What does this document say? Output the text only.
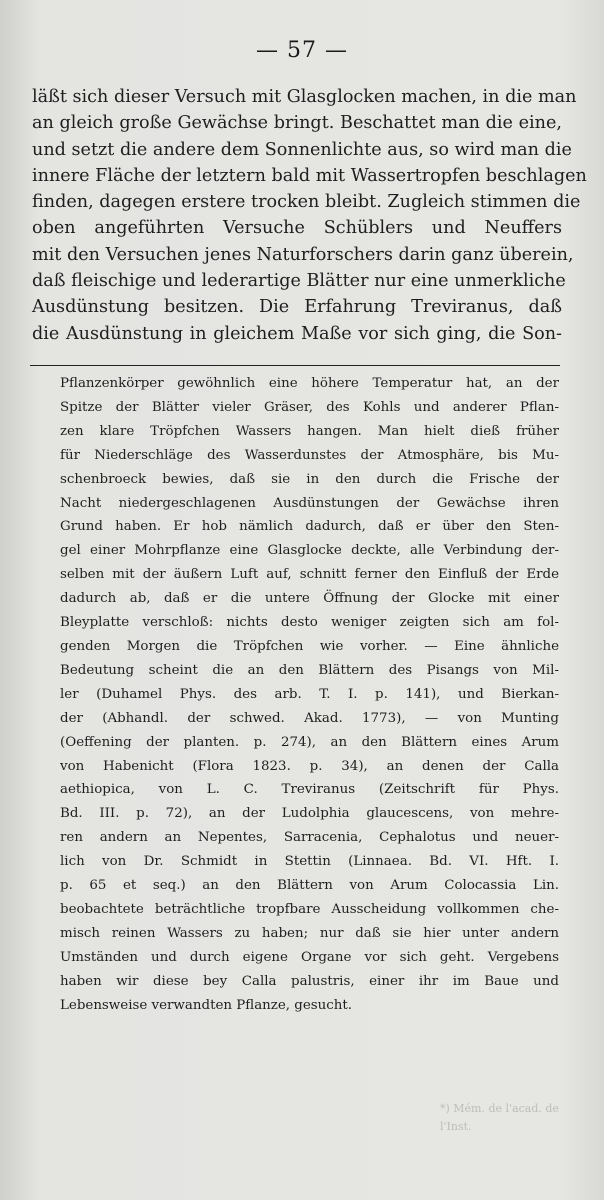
— 57 —
läßt sich dieser Versuch mit Glasglocken machen, in die man
an gleich große Gewächse bringt. Beschattet man die eine,
und setzt die andere dem Sonnenlichte aus, so wird man die
innere Fläche der letztern bald mit Wassertropfen beschlagen
finden, dagegen erstere trocken bleibt. Zugleich stimmen die
oben angeführten Versuche Schüblers und Neuffers
mit den Versuchen jenes Naturforschers darin ganz überein,
daß fleischige und lederartige Blätter nur eine unmerkliche
Ausdünstung besitzen. Die Erfahrung Treviranus, daß
die Ausdünstung in gleichem Maße vor sich ging, die Son-
Pflanzenkörper gewöhnlich eine höhere Temperatur hat, an der
Spitze der Blätter vieler Gräser, des Kohls und anderer Pflan-
zen klare Tröpfchen Wassers hangen. Man hielt dieß früher
für Niederschläge des Wasserdunstes der Atmosphäre, bis Mu-
schenbroeck bewies, daß sie in den durch die Frische der
Nacht niedergeschlagenen Ausdünstungen der Gewächse ihren
Grund haben. Er hob nämlich dadurch, daß er über den Sten-
gel einer Mohrpflanze eine Glasglocke deckte, alle Verbindung der-
selben mit der äußern Luft auf, schnitt ferner den Einfluß der Erde
dadurch ab, daß er die untere Öffnung der Glocke mit einer
Bleyplatte verschloß: nichts desto weniger zeigten sich am fol-
genden Morgen die Tröpfchen wie vorher. — Eine ähnliche
Bedeutung scheint die an den Blättern des Pisangs von Mil-
ler (Duhamel Phys. des arb. T. I. p. 141), und Bierkan-
der (Abhandl. der schwed. Akad. 1773), — von Munting
(Oeffening der planten. p. 274), an den Blättern eines Arum
von Habenicht (Flora 1823. p. 34), an denen der Calla
aethiopica, von L. C. Treviranus (Zeitschrift für Phys.
Bd. III. p. 72), an der Ludolphia glaucescens, von mehre-
ren andern an Nepentes, Sarracenia, Cephalotus und neuer-
lich von Dr. Schmidt in Stettin (Linnaea. Bd. VI. Hft. I.
p. 65 et seq.) an den Blättern von Arum Colocassia Lin.
beobachtete beträchtliche tropfbare Ausscheidung vollkommen che-
misch reinen Wassers zu haben; nur daß sie hier unter andern
Umständen und durch eigene Organe vor sich geht. Vergebens
haben wir diese bey Calla palustris, einer ihr im Baue und
Lebensweise verwandten Pflanze, gesucht.
*) Mém. de l'acad. de l'Inst.
